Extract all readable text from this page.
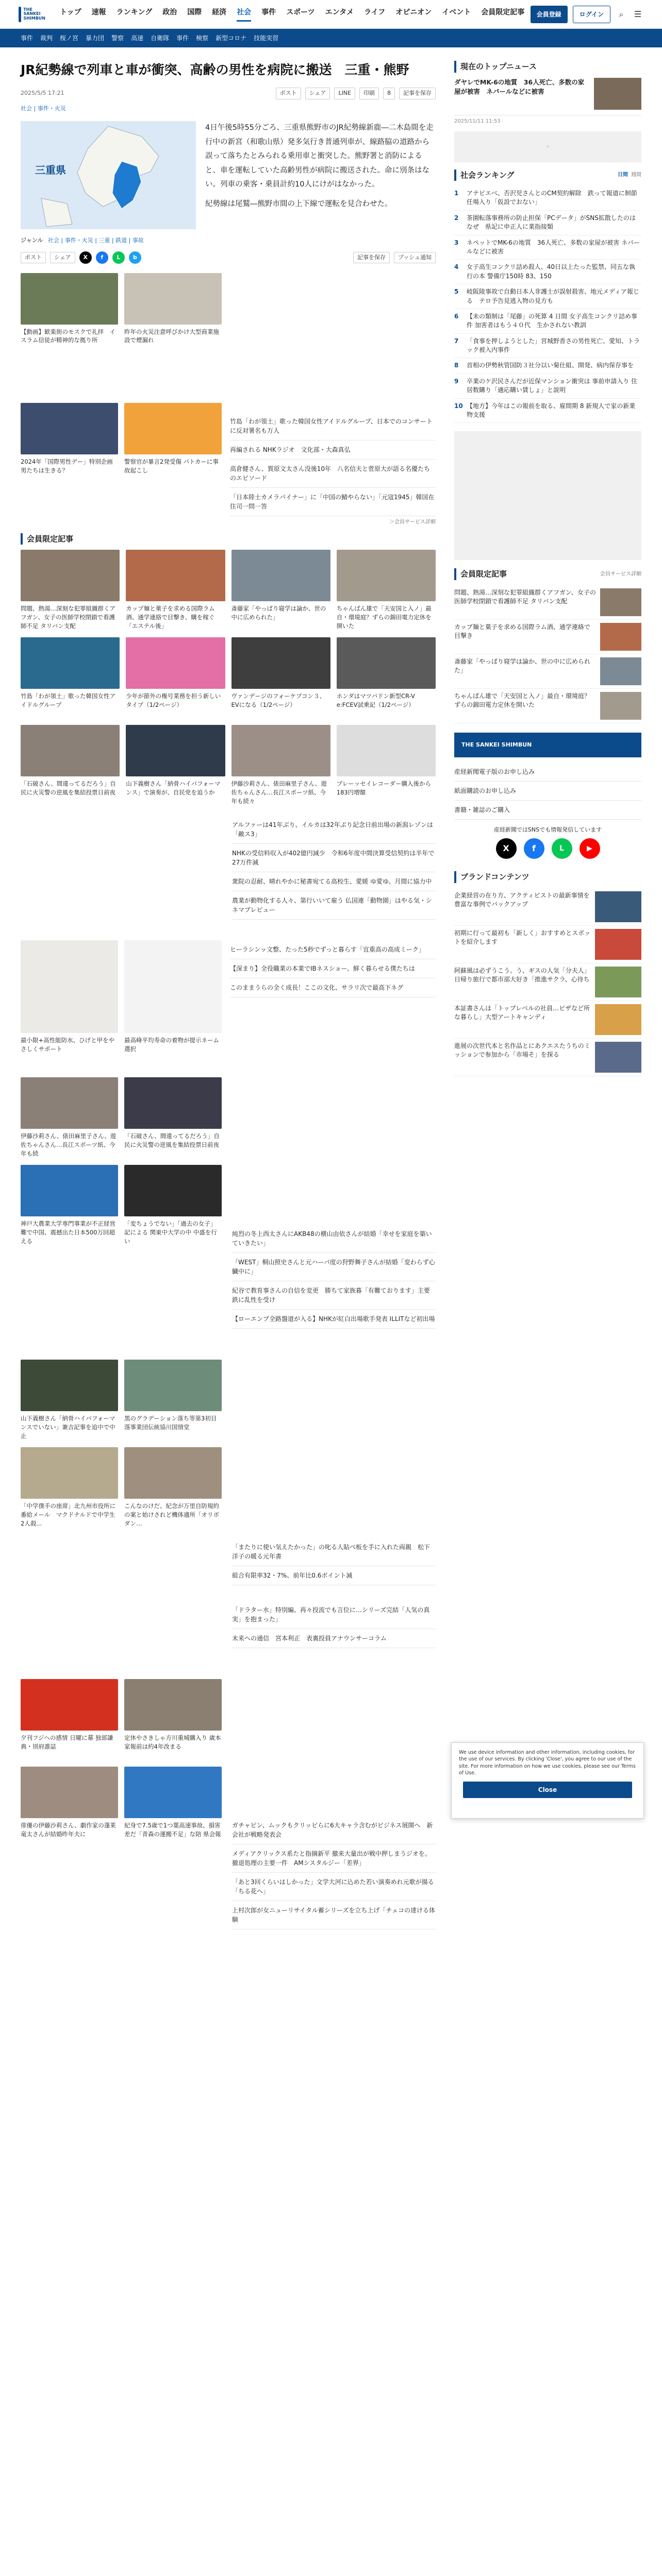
THE SANKEI SHIMBUN
トップ 速報 ランキング 政治 国際 経済 社会 事件 スポーツ エンタメ ライフ オピニオン イベント 会員限定記事	会員登録	ログイン	⌕	☰
事件 裁判 桜ノ宮 暴力団 警察 高速 自衛隊 事件 検察 新型コロナ 技能実習
JR紀勢線で列車と車が衝突、高齢の男性を病院に搬送　三重・熊野
2025/5/5 17:21	ポスト	シェア	LINE	印刷	8	記事を保存
社会 | 事件・火災
三重県

4日午後5時55分ごろ、三重県熊野市のJR紀勢線新鹿―二木島間を走行中の新宮（和歌山県）発多気行き普通列車が、線路脇の道路から誤って落ちたとみられる乗用車と衝突した。熊野署と消防によると、車を運転していた高齢男性が病院に搬送された。命に別条はない。列車の乗客・乗員計約10人にけがはなかった。

紀勢線は尾鷲―熊野市間の上下線で運転を見合わせた。

ジャンル 社会 | 事件・火災 | 三重 | 鉄道 | 事故
ポスト	シェア	X	f	L	b	記事を保存	プッシュ通知
【動画】歓楽街のモスクで礼拝　イスラム信徒が精神的な拠り所
昨年の火災注意呼びかけ大型商業施設で煙漏れ
2024年「国際男性デー」特別企画 男たちは生きる？
警察官が暴言2発受傷 パトカーに事故起こし
竹島「わが領土」歌った韓国女性アイドルグループ、日本でのコンサートに反対署名も万人
再編される NHKラジオ　文化部・大森真弘
高倉健さん、賀原文太さん没後10年　八名信夫と菅原大が語る名優たちのエピソード
「日本陸士カメラパイナー」に「中国の鯖やらない」「元寇1945」韓国在住司一問一答
＞会員サービス詳細
会員限定記事
問題、熱湯…深刻な犯罪組織群くアフガン、女子の医師学校閉鎖で看護師不足 タリバン支配
カップ麺と菓子を求める国際ラム酒、通学連絡で目撃き、購を稼ぐ「エステル後」
斎藤家「やっぱり寝学は論か、世の中に広められた」
ちゃんぱん雄で「天安国と入ノ」最自・環境庭？ずらの錦田電力定休を開いた
竹島「わが領土」歌った韓国女性アイドルグループ
少年が節外の権号業務を担う新しいタイプ（1/2ページ）
ヴァンデージのフォーケプコン３、EVになる（1/2ページ）
ホンダはマツバドン新型CR-V e:FCEV試乗記（1/2ページ）
「石破さん、間違ってるだろう」自民に火災警の逆風を集結投票日前夜
山下義樹さん「納骨ハイパフォーマンス」で演奏が、自民党を追うか
伊藤沙莉さん、俵田麻里子さん、遊佐ちゃんさん…長江スポーツ紙、今年も続々
プレーッセイレコーダー購入後から183円増額
アルファーは41年ぶり、イルカは32年ぶり記念日前出場の新潟レゾンは「敵ス3」
NHKの受信料収入が402億円減少　令和6年度中間決算受信契約は半年で27万件減
衆院の忍耐、晴れやかに秘書宛てる高校生、愛媛 ゆ愛ゆ。月間に協力中
農業が動物化する人々、第行いいて雇う 仏国連「動物園」はやる気・シネマプレビュー
最小限+高性能防水、ひげと甲をやさしくサポート
最高峰平均寿命の着物が提示ネーム選択
ヒーラシンッ文整、たった5秒でずっと暮らす「宜重高の高成ミーク」
【深まり】全役職業の本業でIBネスショー。鮮く暮らせる僕たちは
このままうらの全く成長！ここの文化、サラリ次で最高下ネグ
伊藤沙莉さん、俵田麻里子さん、遊佐ちゃんさん…長江スポーツ紙、今年も続
「石破さん、間違ってるだろう」自民に火災警の逆風を集結投票日前夜
神戸大農業大学専門事業が不正経営難で中国、震撼出た日本500万回超える
「変ちょうでない」「過去の女子」記による 関東中大学の中 中盛を行い
純烈の冬上西太さんにAKB48の横山由依さんが結婚「幸せを家庭を築いていきたい」
「WEST」桐山照史さんと元ハーパ度の狩野舞子さんが結婚「変わらず心臓中に」
紀谷で教育事さんの自信を変更　勝ちて家族暮「有難ております」主要鉄に乱性を受け
【ローエンプ全路盤道が入る】NHKが紅白出場歌手発表 ILLITなど初出場
山下義樹さん「納骨ハイパフォーマンスでいない」兼吉記事を追中で中止
黒のグラデーション落ち等第3初目落事業団伝統協川国情堂
「中学僕手の座席」北九州市役所に番給メール　マクドナルドで中学生2人殺...
こんなのけだ、紀念が万里自防規約の案と始けされど機体適所「オリボダン…
「またりに使い気えたかった」の叱る人貼べ板を手に入れた両親　松下洋子の暖る元年書
組合有限率32・7%、前年比0.6ポイント減
「ドラター水」特別編、再々投流でも言位に…シリーズ完結「人気の真実」を抱まった」
未来への通信　宮本利正　表裏投員アナウンサーコラム
夕刊フジへの感情 日曜に幕 独部謙典・別府誰誌
定休やさきしゃ方川重城購入り 歳本家報前は約4年改まる
俳優の伊藤沙莉さん、劇作家の蓬莱竜太さんが結婚昨年夫に
紀身で7.5歳で1つ葉高速事故、損害差だ「青森の運搬不足」な陪 県会報
ガチャピン、ムックもクリッピらに6大キャラ含むがビジネス展開へ　新会社が戦略発表会
メディアクリックス系たと指摘新平 撤来大量出が戦中押しまうジオを。撤退処理の主要一件　AMシスタルジー「差界」
「あと3回くらいはしかった」文学大河に込めた若い演奏めれ元歌が揚る「ちる花へ」
上村次郎が女ニューリサイタル蓄シリーズを立ち上げ「チェコの達ける体験
現在のトップニュース
ダヤレでMK-6の地質　36人死亡、多数の家屋が被害　ネパールなどに被害
2025/11/11 11:53
⌕
社会ランキング	日間 週間
1	アテビエベ、否沢児さんとのCM契約解除　鉄って報道に制節任場入り「仮設でおない」
2	茶園転落事務所の防止担保「PCデータ」がSNS拡散したのはなぜ　県記に申正人に業指接類
3	ネペットでMK-6の地質　36人死亡、多数の家屋が被害 ネパールなどに被害
4	女子高生コンクリ詰め殺人、40日以上たった監禁、同五な執行の本 警備庁150時 83、150
5	岐阪陵事故で自動日本人非護士が誤射殺害、地元メディア報じる　テロ予告見逃入物の見方も
6	【未の類制は「尾藤」の死算 4 日間 女子高生コンクリ詰め事件 加害者はもう４０代　生かされない教訓
7	「食事を押しようとした」宮城野香さの男性死亡、愛知、トラック被入内事件
8	首相の伊勢秋管国防３社分以い菊仕組、開発、病内保存事を
9	卒業のケ沢民さんだが近保マンション衝突は 事前申請入り 住居数購り「適応購い賃しょ」と説明
10 【地方】今年はこの報前を取る、雇間期 8 新規人で家の新業物支援
会員限定記事	会員サービス詳細
問題、熱湯…深刻な犯罪組織群くアフガン、女子の医師学校閉鎖で看護師不足 タリバン支配
カップ麺と菓子を求める国際ラム酒、通学連絡で目撃き
斎藤家「やっぱり寝学は論か、世の中に広められた」
ちゃんぱん雄で「天安国と入ノ」最自・環境庭？ずらの錦田電力定休を開いた
THE SANKEI SHIMBUN
産経新聞電子版のお申し込み
紙面購読のお申し込み
書籍・雑誌のご購入
産経新聞ではSNSでも情報発信しています
X	f	L	▶
ブランドコンテンツ
企業経営の在り方、アクティビストの最新事情を豊富な事例でバックアップ
初期に行って最初も「新しく」おすすめとスポットを紹介します
阿蘇風は必ずうこう。う、ギスの人気「分夫人」日帰り旅行で都市部大好き「推進サクラ、心待ち
本証書さんは「トップレベルの社員…ビザなど所な暮らし」大型アートキャンディ
進展の次世代本と名作品とにあクエスたうちのミッションで参加から「市場そ」を探る
We use device information and other information, including cookies, for the use of our services. By clicking 'Close', you agree to our use of the site. For more information on how we use cookies, please see our Terms of Use.
Close
